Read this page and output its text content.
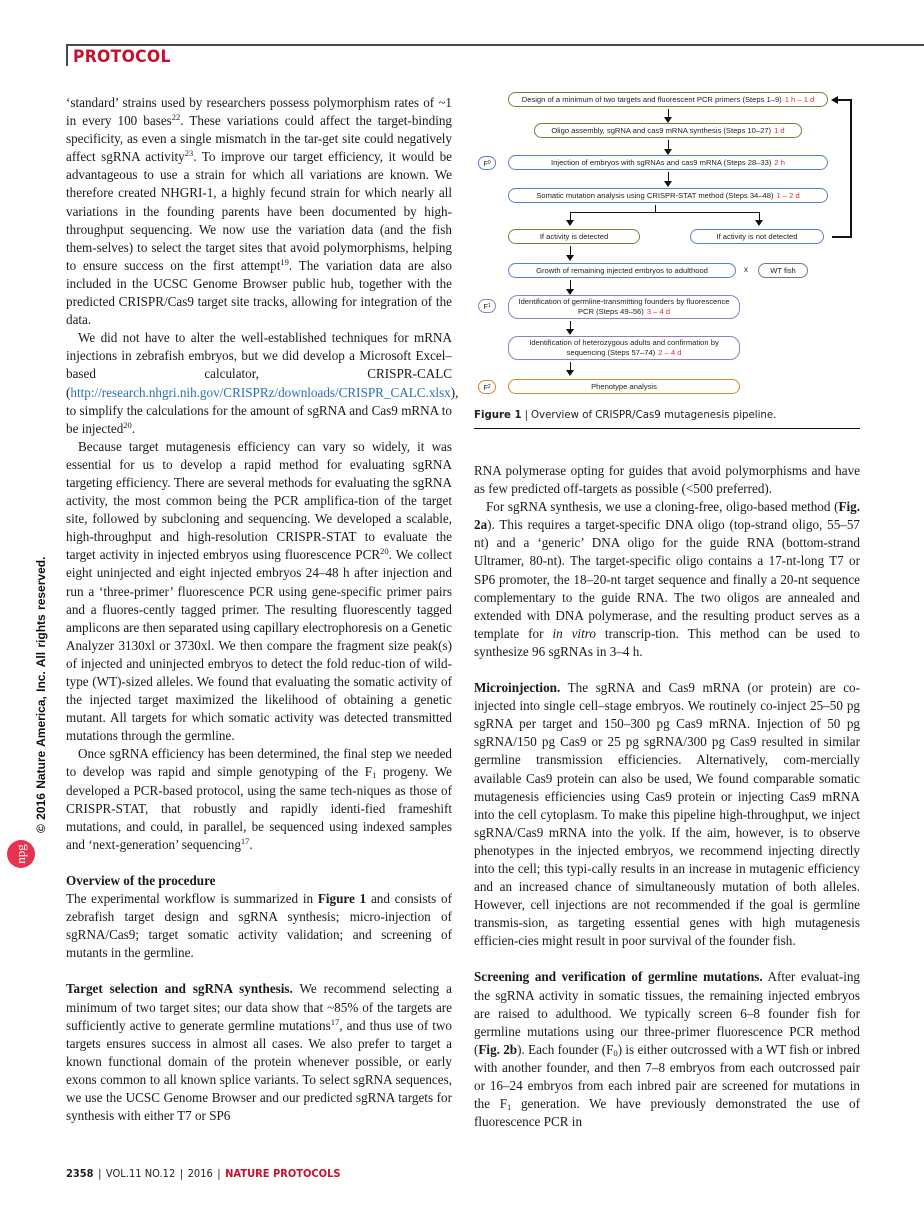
PROTOCOL
© 2016 Nature America, Inc. All rights reserved.
npg

‘standard’ strains used by researchers possess polymorphism rates of ~1 in every 100 bases$^{22}$. These variations could affect the target-binding specificity, as even a single mismatch in the tar-get site could negatively affect sgRNA activity$^{23}$. To improve our target efficiency, it would be advantageous to use a strain for which all variations are known. We therefore created NHGRI-1, a highly fecund strain for which nearly all variations in the founding parents have been documented by high-throughput sequencing. We now use the variation data (and the fish them-selves) to select the target sites that avoid polymorphisms, helping to ensure success on the first attempt$^{19}$. The variation data are also included in the UCSC Genome Browser public hub, together with the predicted CRISPR/Cas9 target site tracks, allowing for integration of the data.

We did not have to alter the well-established techniques for mRNA injections in zebrafish embryos, but we did develop a Microsoft Excel–based calculator, CRISPR-CALC (http://research.nhgri.nih.gov/CRISPRz/downloads/CRISPR_CALC.xlsx), to simplify the calculations for the amount of sgRNA and Cas9 mRNA to be injected$^{20}$.

Because target mutagenesis efficiency can vary so widely, it was essential for us to develop a rapid method for evaluating sgRNA targeting efficiency. There are several methods for evaluating the sgRNA activity, the most common being the PCR amplifica-tion of the target site, followed by subcloning and sequencing. We developed a scalable, high-throughput and high-resolution CRISPR-STAT to evaluate the target activity in injected embryos using fluorescence PCR$^{20}$. We collect eight uninjected and eight injected embryos 24–48 h after injection and run a ‘three-primer’ fluorescence PCR using gene-specific primer pairs and a fluores-cently tagged primer. The resulting fluorescently tagged amplicons are then separated using capillary electrophoresis on a Genetic Analyzer 3130xl or 3730xl. We then compare the fragment size peak(s) of injected and uninjected embryos to detect the fold reduc-tion of wild-type (WT)-sized alleles. We found that evaluating the somatic activity of the injected target maximized the likelihood of obtaining a genetic mutant. All targets for which somatic activity was detected transmitted mutations through the germline.

Once sgRNA efficiency has been determined, the final step we needed to develop was rapid and simple genotyping of the $F_1$ progeny. We developed a PCR-based protocol, using the same tech-niques as those of CRISPR-STAT, that robustly and rapidly identi-fied frameshift mutations, and could, in parallel, be sequenced using indexed samples and ‘next-generation’ sequencing$^{17}$.

Overview of the procedure

The experimental workflow is summarized in Figure 1 and consists of zebrafish target design and sgRNA synthesis; micro-injection of sgRNA/Cas9; target somatic activity validation; and screening of mutants in the germline.

Target selection and sgRNA synthesis. We recommend selecting a minimum of two target sites; our data show that ~85% of the targets are sufficiently active to generate germline mutations$^{17}$, and thus use of two targets ensures success in almost all cases. We also prefer to target a known functional domain of the protein whenever possible, or early exons common to all known splice variants. To select sgRNA sequences, we use the UCSC Genome Browser and our predicted sgRNA targets for synthesis with either T7 or SP6

Design of a minimum of two targets and fluorescent PCR primers (Steps 1–9) 1 h – 1 d
Oligo assembly, sgRNA and cas9 mRNA synthesis (Steps 10–27) 1 d
F 0	Injection of embryos with sgRNAs and cas9 mRNA (Steps 28–33) 2 h
Somatic mutation analysis using CRISPR-STAT method (Steps 34–48) 1 – 2 d
If activity is detected	If activity is not detected
Growth of remaining injected embryos to adulthood	x	WT fish
F 1	Identification of germline-transmitting founders by fluorescence PCR (Steps 49–56) 3 – 4 d
Identification of heterozygous adults and confirmation by sequencing (Steps 57–74) 2 – 4 d
F 2	Phenotype analysis
Figure 1 | Overview of CRISPR/Cas9 mutagenesis pipeline.

RNA polymerase opting for guides that avoid polymorphisms and have as few predicted off-targets as possible (<500 preferred).

For sgRNA synthesis, we use a cloning-free, oligo-based method (Fig. 2a). This requires a target-specific DNA oligo (top-strand oligo, 55–57 nt) and a ‘generic’ DNA oligo for the guide RNA (bottom-strand Ultramer, 80-nt). The target-specific oligo contains a 17-nt-long T7 or SP6 promoter, the 18–20-nt target sequence and finally a 20-nt sequence complementary to the guide RNA. The two oligos are annealed and extended with DNA polymerase, and the resulting product serves as a template for in vitro transcrip-tion. This method can be used to synthesize 96 sgRNAs in 3–4 h.

Microinjection. The sgRNA and Cas9 mRNA (or protein) are co-injected into single cell–stage embryos. We routinely co-inject 25–50 pg sgRNA per target and 150–300 pg Cas9 mRNA. Injection of 50 pg sgRNA/150 pg Cas9 or 25 pg sgRNA/300 pg Cas9 resulted in similar germline transmission efficiencies. Alternatively, com-mercially available Cas9 protein can also be used, We found comparable somatic mutagenesis efficiencies using Cas9 protein or injecting Cas9 mRNA into the cell cytoplasm. To make this pipeline high-throughput, we inject sgRNA/Cas9 mRNA into the yolk. If the aim, however, is to observe phenotypes in the injected embryos, we recommend injecting directly into the cell; this typi-cally results in an increase in mutagenic efficiency and an increased chance of simultaneously mutation of both alleles. However, cell injections are not recommended if the goal is germline transmis-sion, as targeting essential genes with high mutagenesis efficien-cies might result in poor survival of the founder fish.

Screening and verification of germline mutations. After evaluat-ing the sgRNA activity in somatic tissues, the remaining injected embryos are raised to adulthood. We typically screen 6–8 founder fish for germline mutations using our three-primer fluorescence PCR method (Fig. 2b). Each founder $(F_0)$ is either outcrossed with a WT fish or inbred with another founder, and then 7–8 embryos from each outcrossed pair or 16–24 embryos from each inbred pair are screened for mutations in the $F_1$ generation. We have previously demonstrated the use of fluorescence PCR in

2358 | VOL.11 NO.12 | 2016 | NATURE PROTOCOLS
